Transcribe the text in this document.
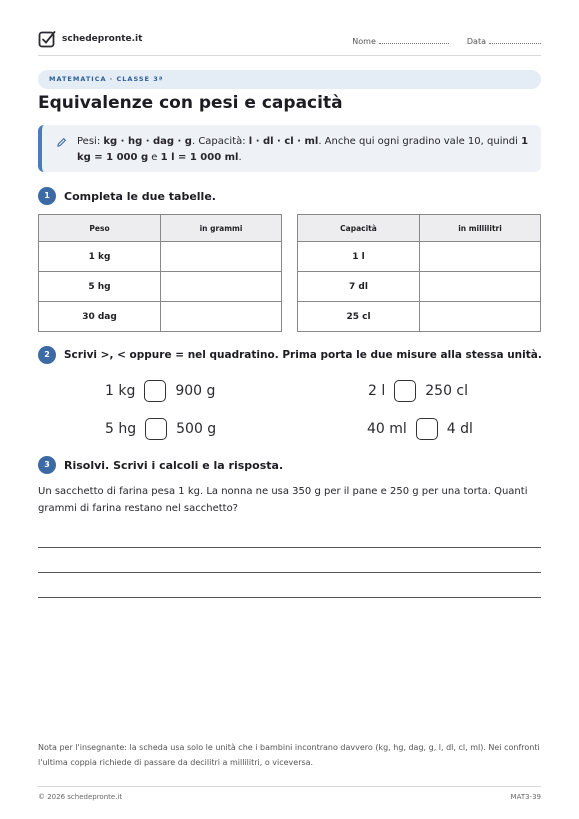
schedepronte.it	Nome	Data
MATEMATICA · CLASSE 3ª
Equivalenze con pesi e capacità
Pesi: kg · hg · dag · g. Capacità: l · dl · cl · ml. Anche qui ogni gradino vale 10, quindi 1 kg = 1 000 g e 1 l = 1 000 ml.
1	Completa le due tabelle.
Peso	in grammi
1 kg	
5 hg	
30 dag	
Capacità	in millilitri
1 l	
7 dl	
25 cl	
2	Scrivi >, < oppure = nel quadratino. Prima porta le due misure alla stessa unità.
1 kg	900 g	2 l	250 cl
5 hg	500 g	40 ml	4 dl
3	Risolvi. Scrivi i calcoli e la risposta.
Un sacchetto di farina pesa 1 kg. La nonna ne usa 350 g per il pane e 250 g per una torta. Quanti grammi di farina restano nel sacchetto?
Nota per l'insegnante: la scheda usa solo le unità che i bambini incontrano davvero (kg, hg, dag, g, l, dl, cl, ml). Nei confronti l'ultima coppia richiede di passare da decilitri a millilitri, o viceversa.
© 2026 schedepronte.it	MAT3-39
